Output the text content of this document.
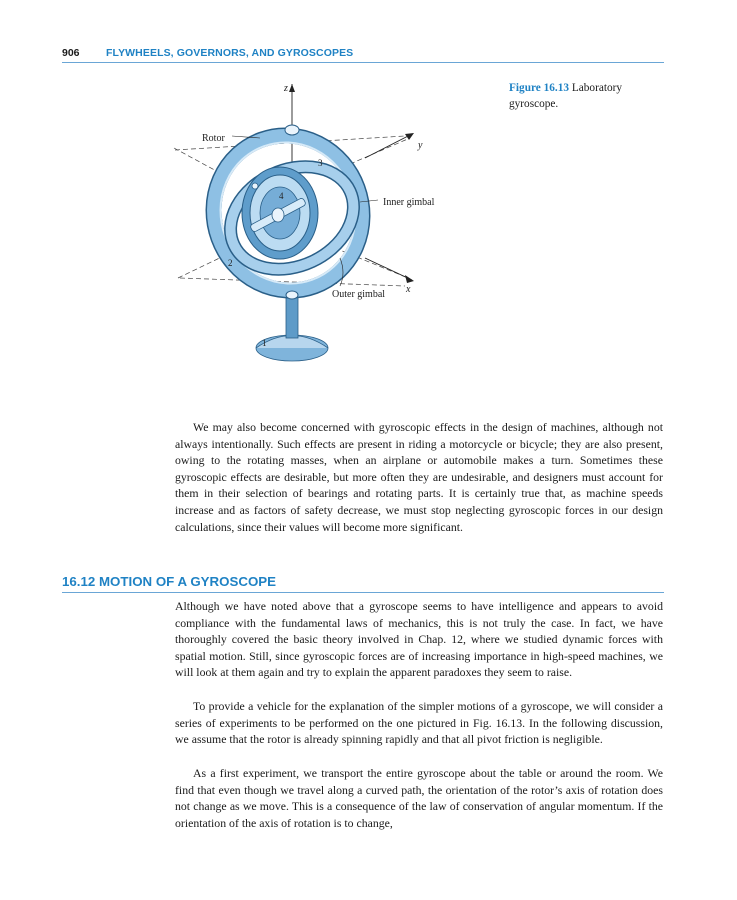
906	FLYWHEELS, GOVERNORS, AND GYROSCOPES
Rotor
Inner gimbal
Outer gimbal
y
x
z
1
2
3
4
Figure 16.13 Laboratory gyroscope.

We may also become concerned with gyroscopic effects in the design of machines, although not always intentionally. Such effects are present in riding a motorcycle or bicycle; they are also present, owing to the rotating masses, when an airplane or automobile makes a turn. Sometimes these gyroscopic effects are desirable, but more often they are undesirable, and designers must account for them in their selection of bearings and rotating parts. It is certainly true that, as machine speeds increase and as factors of safety decrease, we must stop neglecting gyroscopic forces in our design calculations, since their values will become more significant.

16.12 MOTION OF A GYROSCOPE

Although we have noted above that a gyroscope seems to have intelligence and appears to avoid compliance with the fundamental laws of mechanics, this is not truly the case. In fact, we have thoroughly covered the basic theory involved in Chap. 12, where we studied dynamic forces with spatial motion. Still, since gyroscopic forces are of increasing importance in high-speed machines, we will look at them again and try to explain the apparent paradoxes they seem to raise.

To provide a vehicle for the explanation of the simpler motions of a gyroscope, we will consider a series of experiments to be performed on the one pictured in Fig. 16.13. In the following discussion, we assume that the rotor is already spinning rapidly and that all pivot friction is negligible.

As a first experiment, we transport the entire gyroscope about the table or around the room. We find that even though we travel along a curved path, the orientation of the rotor’s axis of rotation does not change as we move. This is a consequence of the law of conservation of angular momentum. If the orientation of the axis of rotation is to change,
